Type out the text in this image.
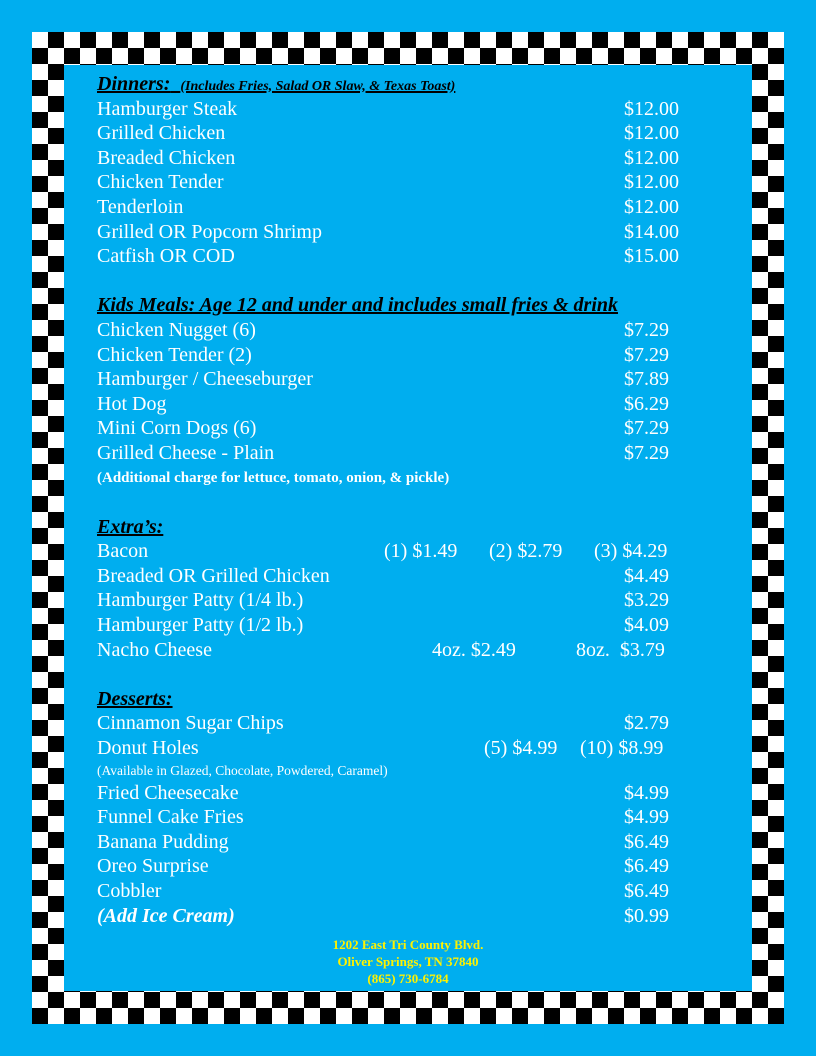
Dinners: (Includes Fries, Salad OR Slaw, & Texas Toast)
Hamburger Steak	$12.00
Grilled Chicken	$12.00
Breaded Chicken	$12.00
Chicken Tender	$12.00
Tenderloin	$12.00
Grilled OR Popcorn Shrimp	$14.00
Catfish OR COD	$15.00
Kids Meals: Age 12 and under and includes small fries & drink
Chicken Nugget (6)	$7.29
Chicken Tender (2)	$7.29
Hamburger / Cheeseburger	$7.89
Hot Dog	$6.29
Mini Corn Dogs (6)	$7.29
Grilled Cheese - Plain	$7.29
(Additional charge for lettuce, tomato, onion, & pickle)
Extra’s:
Bacon	(1) $1.49 (2) $2.79 (3) $4.29
Breaded OR Grilled Chicken	$4.49
Hamburger Patty (1/4 lb.)	$3.29
Hamburger Patty (1/2 lb.)	$4.09
Nacho Cheese	4oz. $2.49	8oz.  $3.79
Desserts:
Cinnamon Sugar Chips	$2.79
Donut Holes	(5) $4.99 (10) $8.99
(Available in Glazed, Chocolate, Powdered, Caramel)
Fried Cheesecake	$4.99
Funnel Cake Fries	$4.99
Banana Pudding	$6.49
Oreo Surprise	$6.49
Cobbler	$6.49
(Add Ice Cream)	$0.99
1202 East Tri County Blvd.
Oliver Springs, TN 37840
(865) 730-6784
